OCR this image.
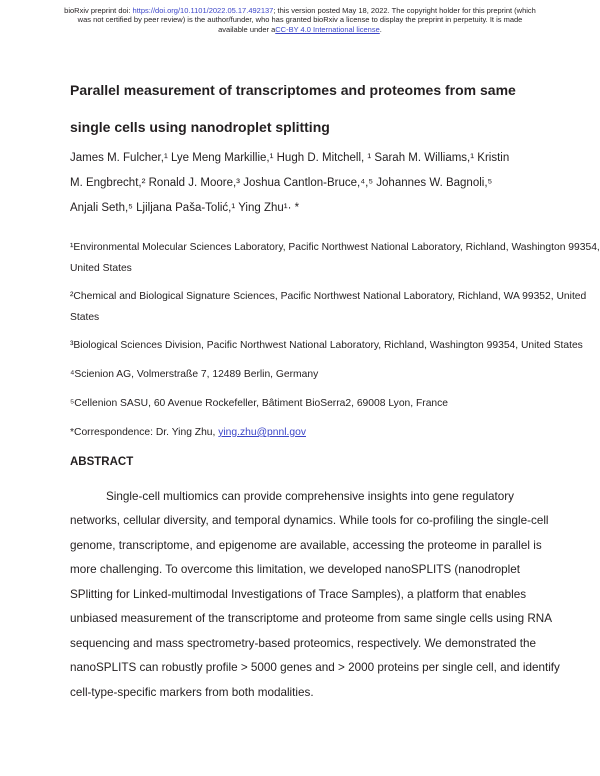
bioRxiv preprint doi: https://doi.org/10.1101/2022.05.17.492137; this version posted May 18, 2022. The copyright holder for this preprint (which
was not certified by peer review) is the author/funder, who has granted bioRxiv a license to display the preprint in perpetuity. It is made
available under aCC-BY 4.0 International license.
Parallel measurement of transcriptomes and proteomes from same
single cells using nanodroplet splitting
James M. Fulcher,¹ Lye Meng Markillie,¹ Hugh D. Mitchell, ¹ Sarah M. Williams,¹ Kristin
M. Engbrecht,² Ronald J. Moore,³ Joshua Cantlon-Bruce,⁴,⁵ Johannes W. Bagnoli,⁵
Anjali Seth,⁵ Ljiljana Paša-Tolić,¹ Ying Zhu¹· *
¹Environmental Molecular Sciences Laboratory, Pacific Northwest National Laboratory, Richland, Washington 99354,
United States
²Chemical and Biological Signature Sciences, Pacific Northwest National Laboratory, Richland, WA 99352, United
States
³Biological Sciences Division, Pacific Northwest National Laboratory, Richland, Washington 99354, United States
⁴Scienion AG, Volmerstraße 7, 12489 Berlin, Germany
⁵Cellenion SASU, 60 Avenue Rockefeller, Bâtiment BioSerra2, 69008 Lyon, France
*Correspondence: Dr. Ying Zhu, ying.zhu@pnnl.gov
ABSTRACT
Single-cell multiomics can provide comprehensive insights into gene regulatory
networks, cellular diversity, and temporal dynamics. While tools for co-profiling the single-cell
genome, transcriptome, and epigenome are available, accessing the proteome in parallel is
more challenging. To overcome this limitation, we developed nanoSPLITS (nanodroplet
SPlitting for Linked-multimodal Investigations of Trace Samples), a platform that enables
unbiased measurement of the transcriptome and proteome from same single cells using RNA
sequencing and mass spectrometry-based proteomics, respectively. We demonstrated the
nanoSPLITS can robustly profile > 5000 genes and > 2000 proteins per single cell, and identify
cell-type-specific markers from both modalities.
